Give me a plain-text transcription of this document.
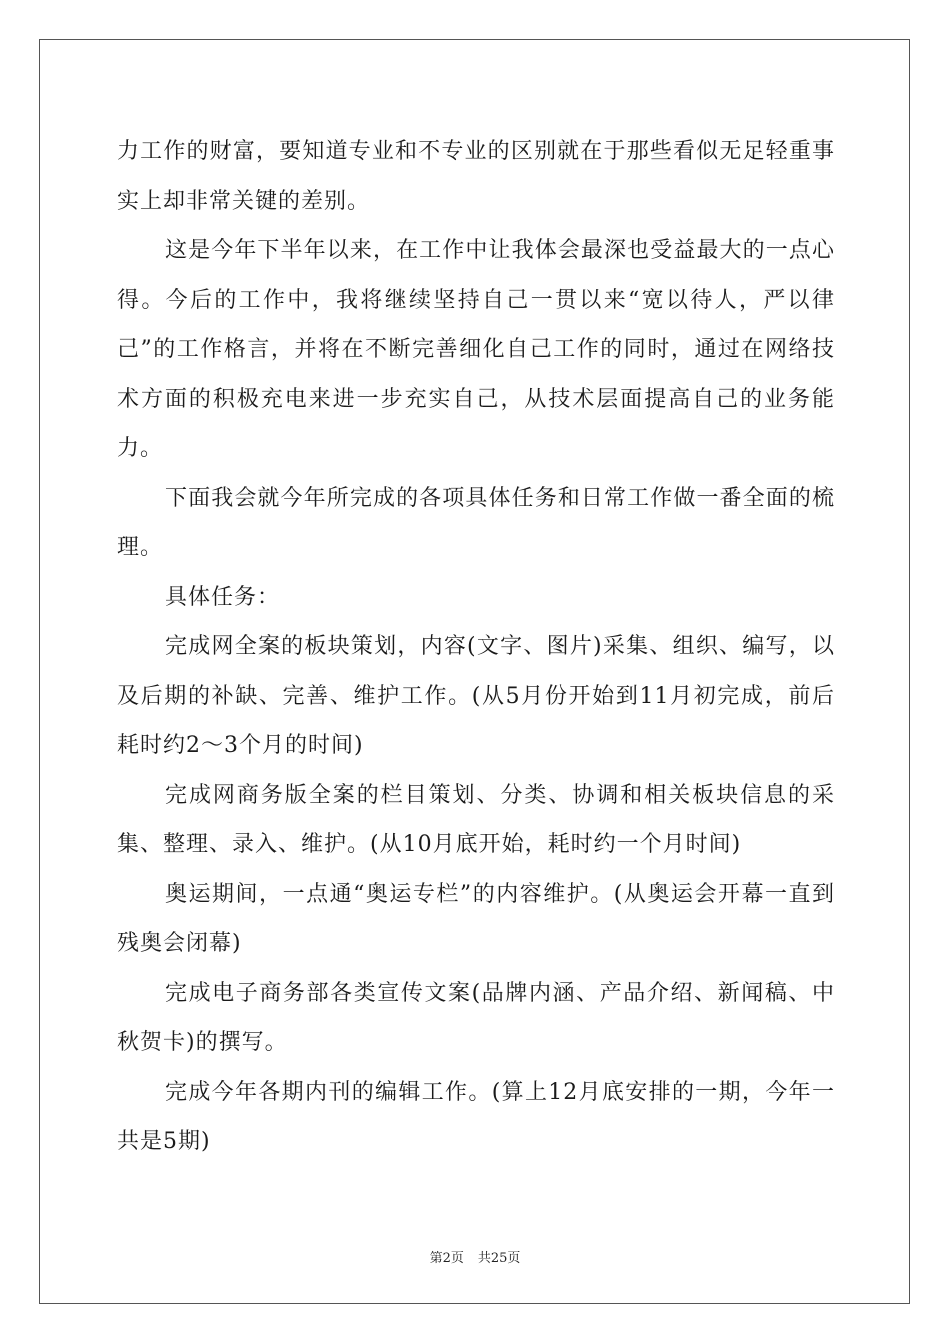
力工作的财富，要知道专业和不专业的区别就在于那些看似无足轻重事实上却非常关键的差别。

这是今年下半年以来，在工作中让我体会最深也受益最大的一点心得。今后的工作中，我将继续坚持自己一贯以来“宽以待人，严以律己”的工作格言，并将在不断完善细化自己工作的同时，通过在网络技术方面的积极充电来进一步充实自己，从技术层面提高自己的业务能力。

下面我会就今年所完成的各项具体任务和日常工作做一番全面的梳理。

具体任务：

完成网全案的板块策划，内容(文字、图片)采集、组织、编写，以及后期的补缺、完善、维护工作。(从5月份开始到11月初完成，前后耗时约2～3个月的时间)

完成网商务版全案的栏目策划、分类、协调和相关板块信息的采集、整理、录入、维护。(从10月底开始，耗时约一个月时间)

奥运期间，一点通“奥运专栏”的内容维护。(从奥运会开幕一直到残奥会闭幕)

完成电子商务部各类宣传文案(品牌内涵、产品介绍、新闻稿、中秋贺卡)的撰写。

完成今年各期内刊的编辑工作。(算上12月底安排的一期，今年一共是5期)

第2页 共25页
